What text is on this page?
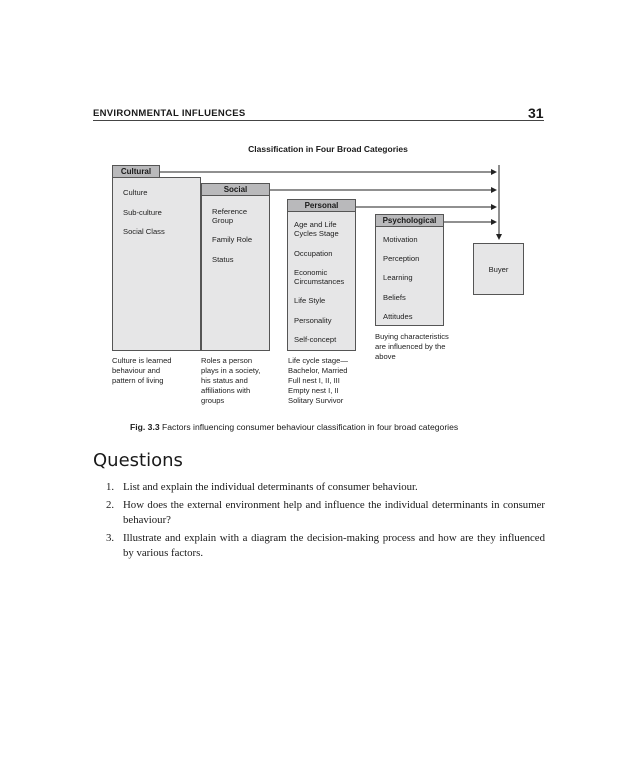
ENVIRONMENTAL INFLUENCES	31
Classification in Four Broad Categories
Cultural
Culture
Sub-culture
Social Class
Social
Reference
Group
Family Role
Status
Personal
Age and Life
Cycles Stage
Occupation
Economic
Circumstances
Life Style
Personality
Self-concept
Psychological
Motivation
Perception
Learning
Beliefs
Attitudes
Buyer
Culture is learned
behaviour and
pattern of living
Roles a person
plays in a society,
his status and
affiliations with
groups
Life cycle stage—
Bachelor, Married
Full nest I, II, III
Empty nest I, II
Solitary Survivor
Buying characteristics
are influenced by the
above
Fig. 3.3 Factors influencing consumer behaviour classification in four broad categories
Questions
1. List and explain the individual determinants of consumer behaviour.
2. How does the external environment help and influence the individual determinants in consumer behaviour?
3. Illustrate and explain with a diagram the decision-making process and how are they influenced by various factors.
